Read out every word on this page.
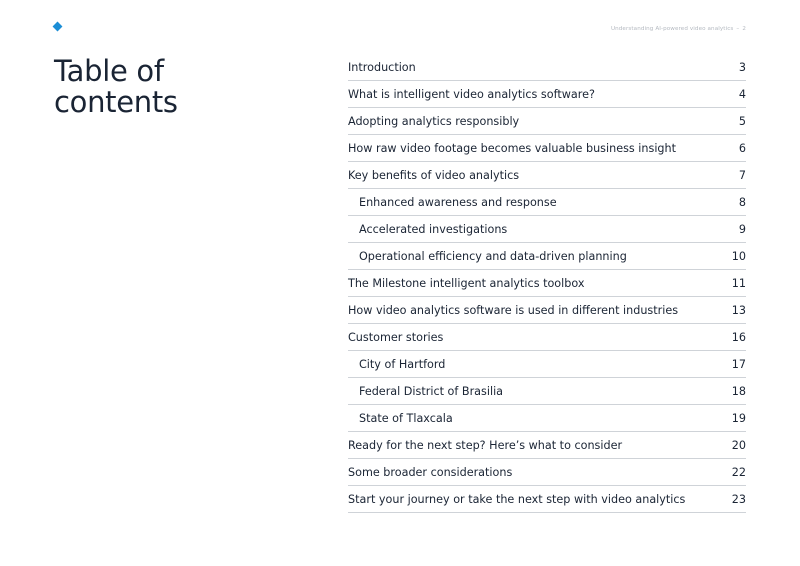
Understanding AI-powered video analytics – 2
Table of
contents
Introduction	3
What is intelligent video analytics software?	4
Adopting analytics responsibly	5
How raw video footage becomes valuable business insight	6
Key benefits of video analytics	7
Enhanced awareness and response	8
Accelerated investigations	9
Operational efficiency and data-driven planning	10
The Milestone intelligent analytics toolbox	11
How video analytics software is used in different industries	13
Customer stories	16
City of Hartford	17
Federal District of Brasilia	18
State of Tlaxcala	19
Ready for the next step? Here’s what to consider	20
Some broader considerations	22
Start your journey or take the next step with video analytics	23
